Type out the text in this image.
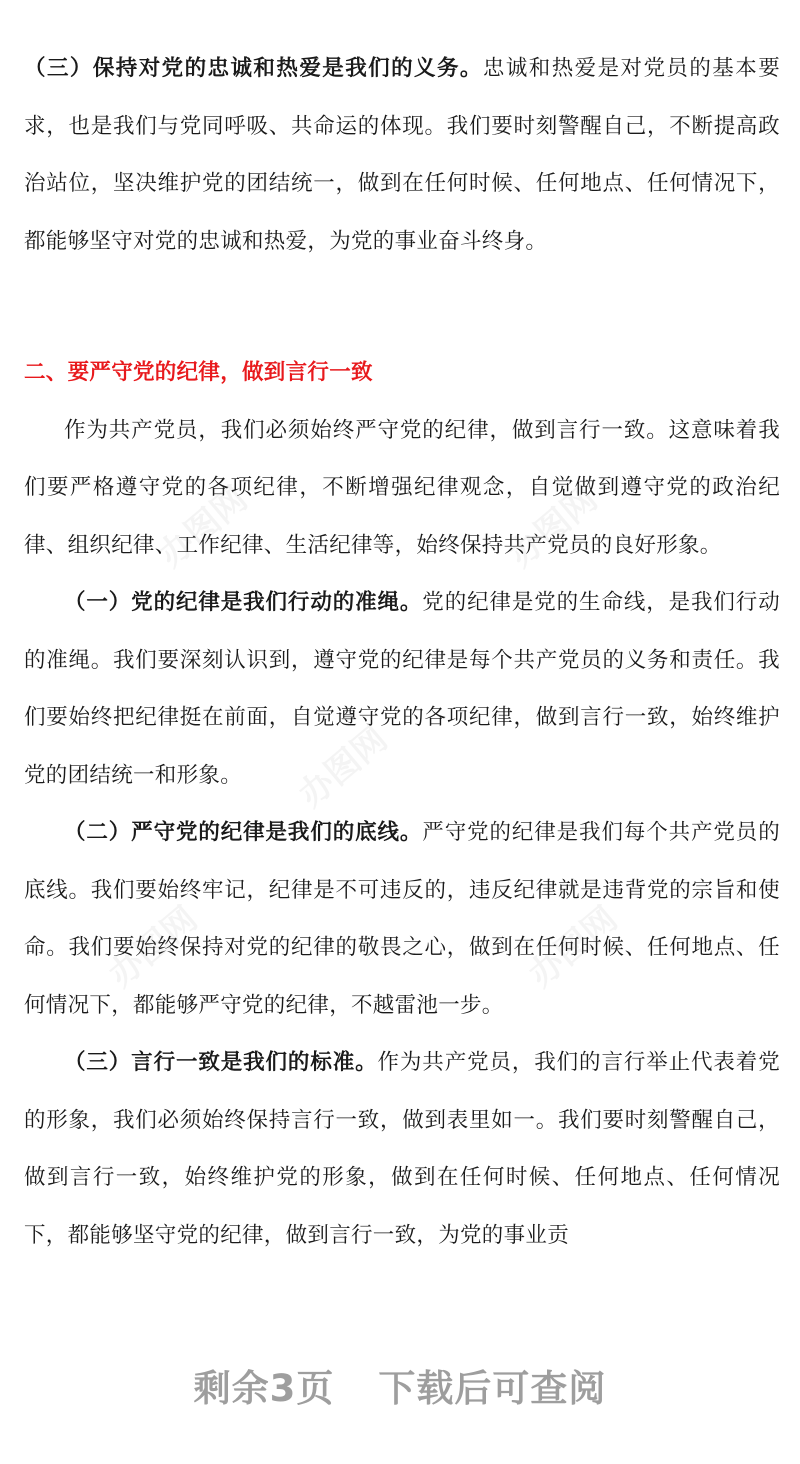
（三）保持对党的忠诚和热爱是我们的义务。忠诚和热爱是对党员的基本要求，也是我们与党同呼吸、共命运的体现。我们要时刻警醒自己，不断提高政治站位，坚决维护党的团结统一，做到在任何时候、任何地点、任何情况下，都能够坚守对党的忠诚和热爱，为党的事业奋斗终身。

二、要严守党的纪律，做到言行一致

作为共产党员，我们必须始终严守党的纪律，做到言行一致。这意味着我们要严格遵守党的各项纪律，不断增强纪律观念，自觉做到遵守党的政治纪律、组织纪律、工作纪律、生活纪律等，始终保持共产党员的良好形象。

（一）党的纪律是我们行动的准绳。党的纪律是党的生命线，是我们行动的准绳。我们要深刻认识到，遵守党的纪律是每个共产党员的义务和责任。我们要始终把纪律挺在前面，自觉遵守党的各项纪律，做到言行一致，始终维护党的团结统一和形象。

（二）严守党的纪律是我们的底线。严守党的纪律是我们每个共产党员的底线。我们要始终牢记，纪律是不可违反的，违反纪律就是违背党的宗旨和使命。我们要始终保持对党的纪律的敬畏之心，做到在任何时候、任何地点、任何情况下，都能够严守党的纪律，不越雷池一步。

（三）言行一致是我们的标准。作为共产党员，我们的言行举止代表着党的形象，我们必须始终保持言行一致，做到表里如一。我们要时刻警醒自己，做到言行一致，始终维护党的形象，做到在任何时候、任何地点、任何情况下，都能够坚守党的纪律，做到言行一致，为党的事业贡

办图网	办图网
办图网
办图网	办图网
剩余3页 下载后可查阅
